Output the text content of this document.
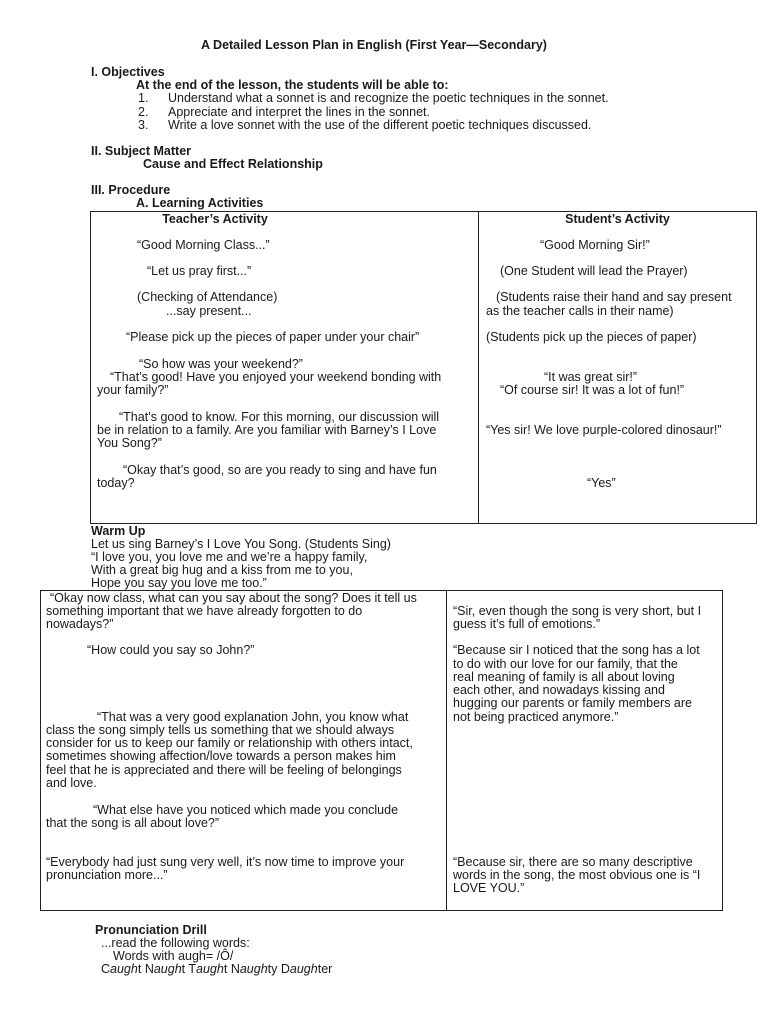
A Detailed Lesson Plan in English (First Year—Secondary)
I. Objectives
At the end of the lesson, the students will be able to:
1. Understand what a sonnet is and recognize the poetic techniques in the sonnet.
2. Appreciate and interpret the lines in the sonnet.
3. Write a love sonnet with the use of the different poetic techniques discussed.
II. Subject Matter
Cause and Effect Relationship
III. Procedure
A. Learning Activities
Teacher’s Activity	Student’s Activity
“Good Morning Class...”
“Let us pray first...”
(Checking of Attendance)
...say present...
“Please pick up the pieces of paper under your chair”
“So how was your weekend?”
“That’s good! Have you enjoyed your weekend bonding with
your family?”
“That’s good to know. For this morning, our discussion will
be in relation to a family. Are you familiar with Barney’s I Love
You Song?”
“Okay that’s good, so are you ready to sing and have fun
today?
“Good Morning Sir!”
(One Student will lead the Prayer)
(Students raise their hand and say present
as the teacher calls in their name)
(Students pick up the pieces of paper)
“It was great sir!”
“Of course sir! It was a lot of fun!”
“Yes sir! We love purple-colored dinosaur!”
“Yes”
Warm Up
Let us sing Barney’s I Love You Song. (Students Sing)
“I love you, you love me and we’re a happy family,
With a great big hug and a kiss from me to you,
Hope you say you love me too.”
“Okay now class, what can you say about the song? Does it tell us
something important that we have already forgotten to do
nowadays?”
“How could you say so John?”
“That was a very good explanation John, you know what
class the song simply tells us something that we should always
consider for us to keep our family or relationship with others intact,
sometimes showing affection/love towards a person makes him
feel that he is appreciated and there will be feeling of belongings
and love.
“What else have you noticed which made you conclude
that the song is all about love?”
“Everybody had just sung very well, it’s now time to improve your
pronunciation more...”
“Sir, even though the song is very short, but I
guess it’s full of emotions.”
“Because sir I noticed that the song has a lot
to do with our love for our family, that the
real meaning of family is all about loving
each other, and nowadays kissing and
hugging our parents or family members are
not being practiced anymore.”
“Because sir, there are so many descriptive
words in the song, the most obvious one is “I
LOVE YOU.”
Pronunciation Drill
...read the following words:
Words with augh= /Ô/
Caught Naught Taught Naughty Daughter
